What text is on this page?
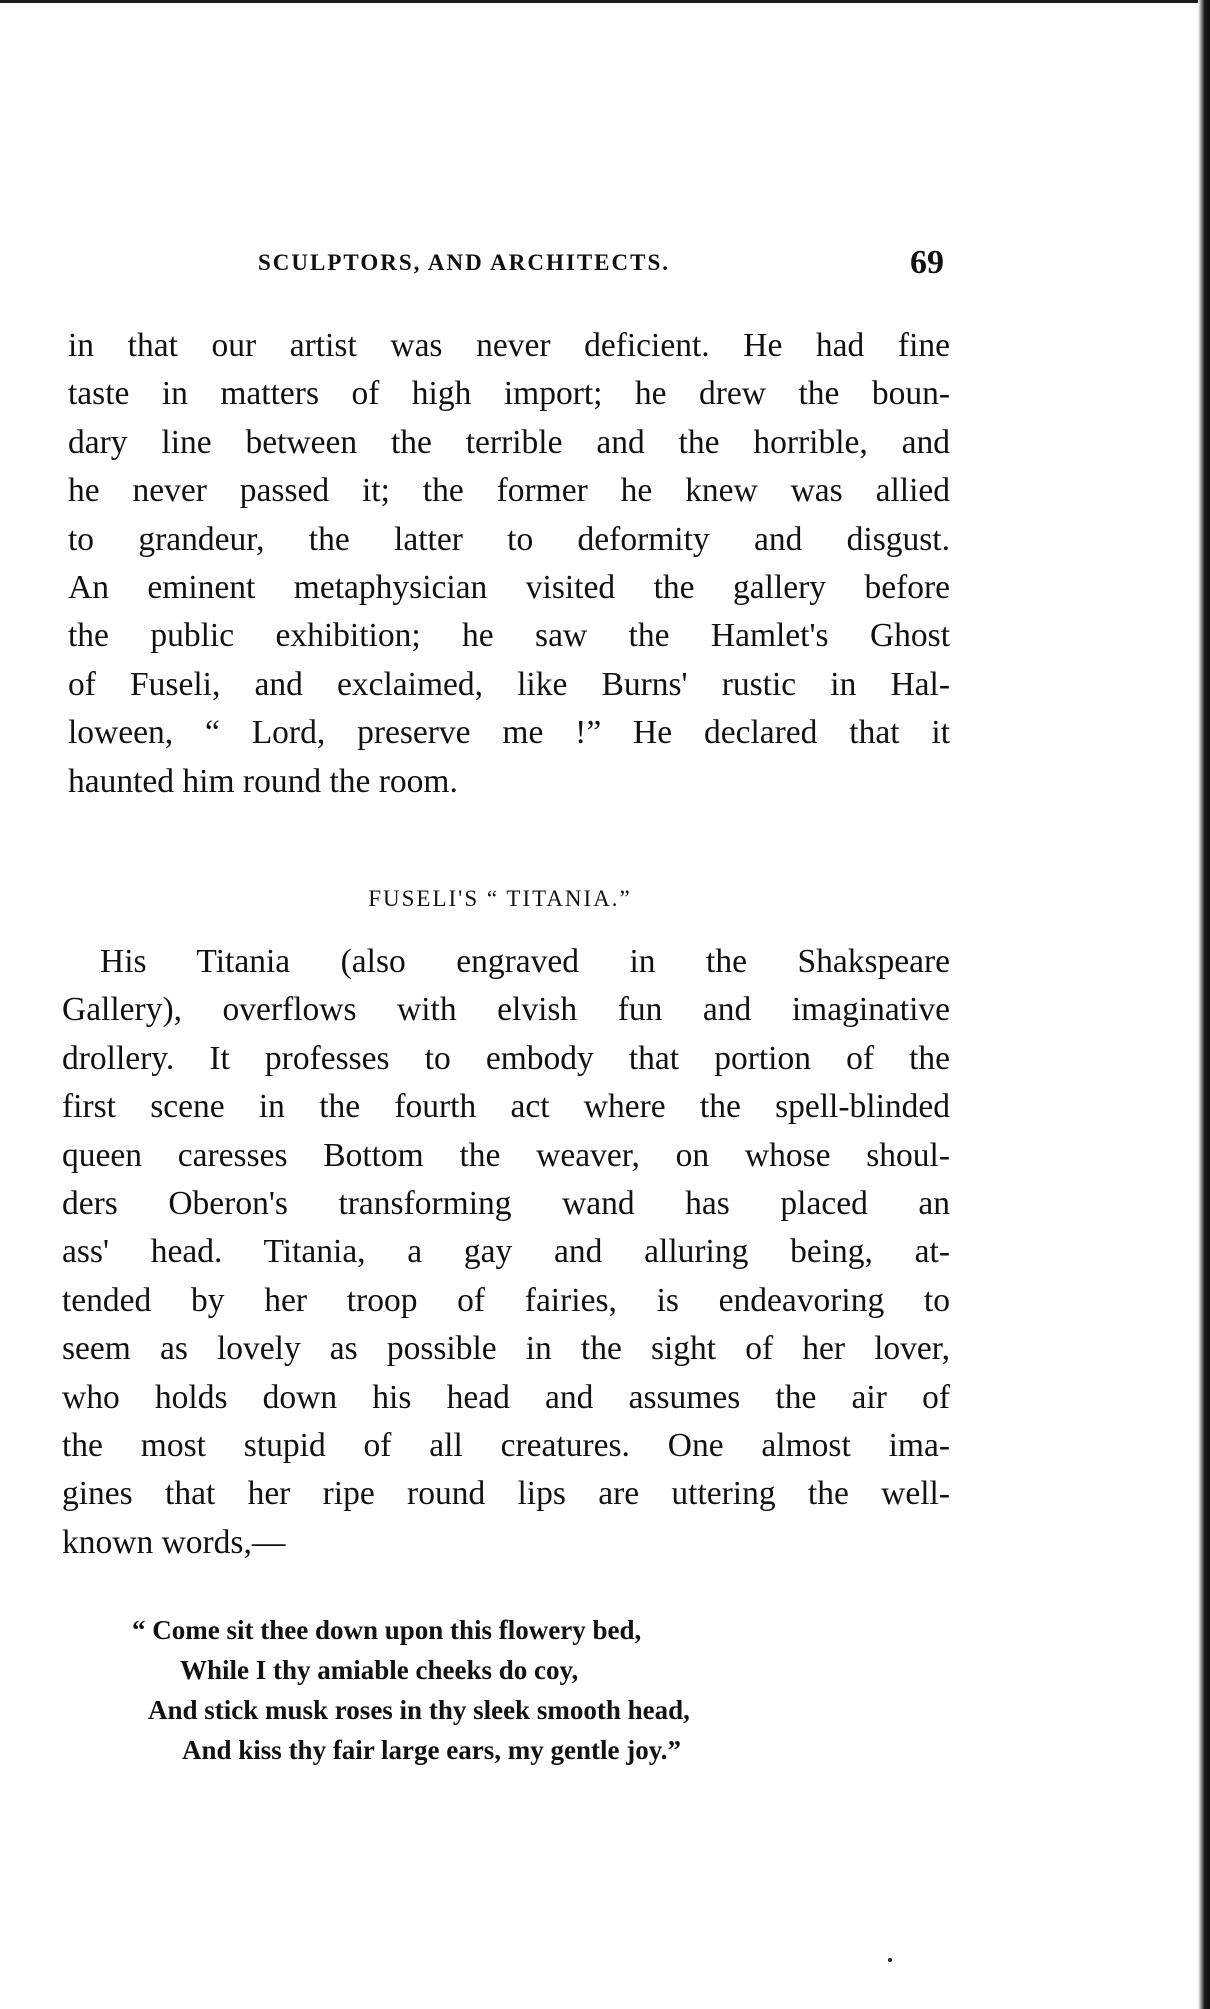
SCULPTORS, AND ARCHITECTS.	69
in that our artist was never deficient. He had fine
taste in matters of high import; he drew the boun-
dary line between the terrible and the horrible, and
he never passed it; the former he knew was allied
to grandeur, the latter to deformity and disgust.
An eminent metaphysician visited the gallery before
the public exhibition; he saw the Hamlet's Ghost
of Fuseli, and exclaimed, like Burns' rustic in Hal-
loween, “ Lord, preserve me !” He declared that it
haunted him round the room.
FUSELI'S “ TITANIA.”
His Titania (also engraved in the Shakspeare
Gallery), overflows with elvish fun and imaginative
drollery. It professes to embody that portion of the
first scene in the fourth act where the spell-blinded
queen caresses Bottom the weaver, on whose shoul-
ders Oberon's transforming wand has placed an
ass' head. Titania, a gay and alluring being, at-
tended by her troop of fairies, is endeavoring to
seem as lovely as possible in the sight of her lover,
who holds down his head and assumes the air of
the most stupid of all creatures. One almost ima-
gines that her ripe round lips are uttering the well-
known words,—
“ Come sit thee down upon this flowery bed,
While I thy amiable cheeks do coy,
And stick musk roses in thy sleek smooth head,
And kiss thy fair large ears, my gentle joy.”
